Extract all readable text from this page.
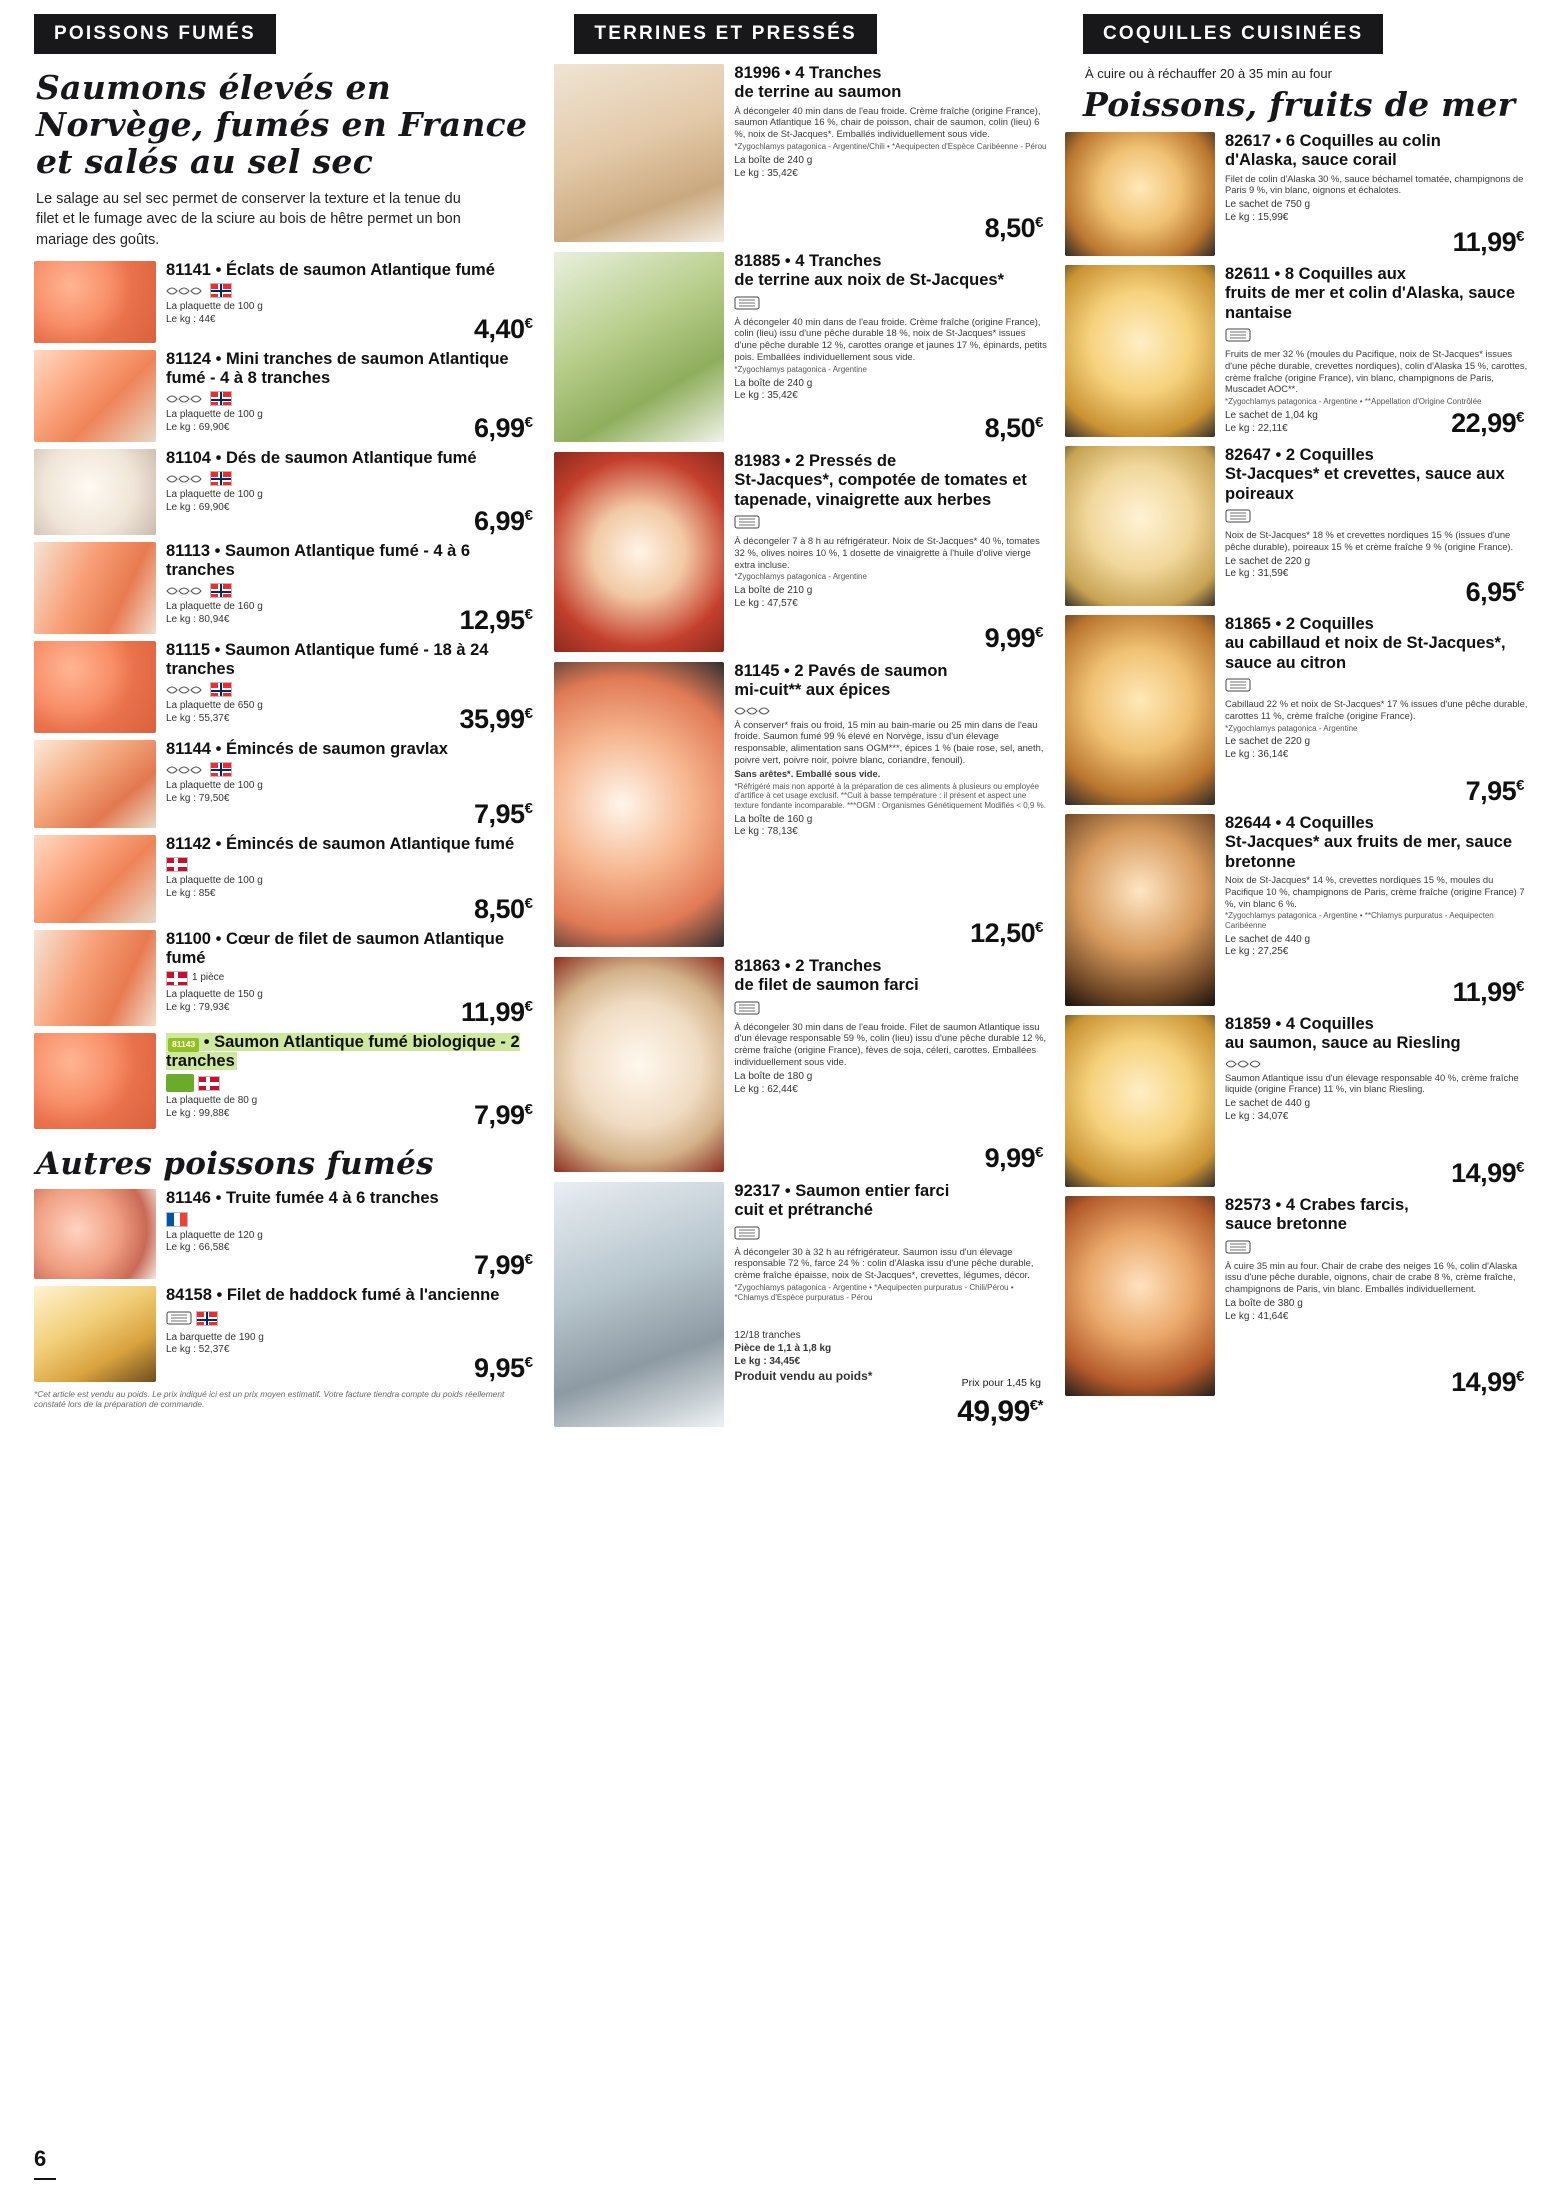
POISSONS FUMÉS
Saumons élevés en Norvège, fumés en France et salés au sel sec
Le salage au sel sec permet de conserver la texture et la tenue du filet et le fumage avec de la sciure au bois de hêtre permet un bon mariage des goûts.
81141 • Éclats de saumon Atlantique fumé
La plaquette de 100 g
Le kg : 44€	4,40€
81124 • Mini tranches de saumon Atlantique fumé - 4 à 8 tranches
La plaquette de 100 g
Le kg : 69,90€	6,99€
81104 • Dés de saumon Atlantique fumé
La plaquette de 100 g
Le kg : 69,90€	6,99€
81113 • Saumon Atlantique fumé - 4 à 6 tranches
La plaquette de 160 g
Le kg : 80,94€	12,95€
81115 • Saumon Atlantique fumé - 18 à 24 tranches
La plaquette de 650 g
Le kg : 55,37€	35,99€
81144 • Émincés de saumon gravlax
La plaquette de 100 g
Le kg : 79,50€
7,95€
81142 • Émincés de saumon Atlantique fumé
La plaquette de 100 g
Le kg : 85€
8,50€
81100 • Cœur de filet de saumon Atlantique fumé
1 pièce
La plaquette de 150 g
Le kg : 79,93€	11,99€
81143 • Saumon Atlantique fumé biologique - 2 tranches
La plaquette de 80 g
Le kg : 99,88€	7,99€
Autres poissons fumés
81146 • Truite fumée 4 à 6 tranches
La plaquette de 120 g
Le kg : 66,58€
7,99€
84158 • Filet de haddock fumé à l'ancienne
La barquette de 190 g
Le kg : 52,37€
9,95€
*Cet article est vendu au poids. Le prix indiqué ici est un prix moyen estimatif. Votre facture tiendra compte du poids réellement constaté lors de la préparation de commande.
TERRINES ET PRESSÉS
81996 • 4 Tranches
de terrine au saumon
À décongeler 40 min dans de l'eau froide. Crème fraîche (origine France), saumon Atlantique 16 %, chair de poisson, chair de saumon, colin (lieu) 6 %, noix de St-Jacques*. Emballés individuellement sous vide.
*Zygochlamys patagonica - Argentine/Chili • *Aequipecten d'Espèce Caribéenne - Pérou
La boîte de 240 g
Le kg : 35,42€
8,50€
81885 • 4 Tranches
de terrine aux noix de St-Jacques*
À décongeler 40 min dans de l'eau froide. Crème fraîche (origine France), colin (lieu) issu d'une pêche durable 18 %, noix de St-Jacques* issues d'une pêche durable 12 %, carottes orange et jaunes 17 %, épinards, petits pois. Emballées individuellement sous vide.
*Zygochlamys patagonica - Argentine
La boîte de 240 g
Le kg : 35,42€
8,50€
81983 • 2 Pressés de
St-Jacques*, compotée de tomates et tapenade, vinaigrette aux herbes
À décongeler 7 à 8 h au réfrigérateur. Noix de St-Jacques* 40 %, tomates 32 %, olives noires 10 %, 1 dosette de vinaigrette à l'huile d'olive vierge extra incluse.
*Zygochlamys patagonica - Argentine
La boîte de 210 g
Le kg : 47,57€
9,99€
81145 • 2 Pavés de saumon
mi-cuit** aux épices
À conserver* frais ou froid, 15 min au bain-marie ou 25 min dans de l'eau froide. Saumon fumé 99 % élevé en Norvège, issu d'un élevage responsable, alimentation sans OGM***, épices 1 % (baie rose, sel, aneth, poivre vert, poivre noir, poivre blanc, coriandre, fenouil).
Sans arêtes*. Emballé sous vide.
*Réfrigéré mais non apporté à la préparation de ces aliments à plusieurs ou employée d'artifice à cet usage exclusif. **Cuit à basse température : il présent et aspect une texture fondante incomparable. ***OGM : Organismes Génétiquement Modifiés < 0,9 %.
La boîte de 160 g
Le kg : 78,13€
12,50€
81863 • 2 Tranches
de filet de saumon farci
À décongeler 30 min dans de l'eau froide. Filet de saumon Atlantique issu d'un élevage responsable 59 %, colin (lieu) issu d'une pêche durable 12 %, crème fraîche (origine France), fèves de soja, céleri, carottes. Emballées individuellement sous vide.
La boîte de 180 g
Le kg : 62,44€
9,99€
92317 • Saumon entier farci
cuit et prétranché
À décongeler 30 à 32 h au réfrigérateur. Saumon issu d'un élevage responsable 72 %, farce 24 % : colin d'Alaska issu d'une pêche durable, crème fraîche épaisse, noix de St-Jacques*, crevettes, légumes, décor.
*Zygochlamys patagonica - Argentine • *Aequipecten purpuratus - Chili/Pérou • *Chlamys d'Espèce purpuratus - Pérou
12/18 tranches
Pièce de 1,1 à 1,8 kg
Le kg : 34,45€
Produit vendu au poids*
Prix pour 1,45 kg
49,99€*
COQUILLES CUISINÉES
À cuire ou à réchauffer 20 à 35 min au four
Poissons, fruits de mer
82617 • 6 Coquilles au colin
d'Alaska, sauce corail
Filet de colin d'Alaska 30 %, sauce béchamel tomatée, champignons de Paris 9 %, vin blanc, oignons et échalotes.
Le sachet de 750 g
Le kg : 15,99€
11,99€
82611 • 8 Coquilles aux
fruits de mer et colin d'Alaska, sauce nantaise
Fruits de mer 32 % (moules du Pacifique, noix de St-Jacques* issues d'une pêche durable, crevettes nordiques), colin d'Alaska 15 %, carottes, crème fraîche (origine France), vin blanc, champignons de Paris, Muscadet AOC**.
*Zygochlamys patagonica - Argentine • **Appellation d'Origine Contrôlée
Le sachet de 1,04 kg
Le kg : 22,11€	22,99€
82647 • 2 Coquilles
St-Jacques* et crevettes, sauce aux poireaux
Noix de St-Jacques* 18 % et crevettes nordiques 15 % (issues d'une pêche durable), poireaux 15 % et crème fraîche 9 % (origine France).
Le sachet de 220 g
Le kg : 31,59€
6,95€
81865 • 2 Coquilles
au cabillaud et noix de St-Jacques*, sauce au citron
Cabillaud 22 % et noix de St-Jacques* 17 % issues d'une pêche durable, carottes 11 %, crème fraîche (origine France).
*Zygochlamys patagonica - Argentine
Le sachet de 220 g
Le kg : 36,14€
7,95€
82644 • 4 Coquilles
St-Jacques* aux fruits de mer, sauce bretonne
Noix de St-Jacques* 14 %, crevettes nordiques 15 %, moules du Pacifique 10 %, champignons de Paris, crème fraîche (origine France) 7 %, vin blanc 6 %.
*Zygochlamys patagonica - Argentine • **Chlamys purpuratus - Aequipecten Caribéenne
Le sachet de 440 g
Le kg : 27,25€
11,99€
81859 • 4 Coquilles
au saumon, sauce au Riesling
Saumon Atlantique issu d'un élevage responsable 40 %, crème fraîche liquide (origine France) 11 %, vin blanc Riesling.
Le sachet de 440 g
Le kg : 34,07€
14,99€
82573 • 4 Crabes farcis,
sauce bretonne
À cuire 35 min au four. Chair de crabe des neiges 16 %, colin d'Alaska issu d'une pêche durable, oignons, chair de crabe 8 %, crème fraîche, champignons de Paris, vin blanc. Emballés individuellement.
La boîte de 380 g
Le kg : 41,64€
14,99€
6
